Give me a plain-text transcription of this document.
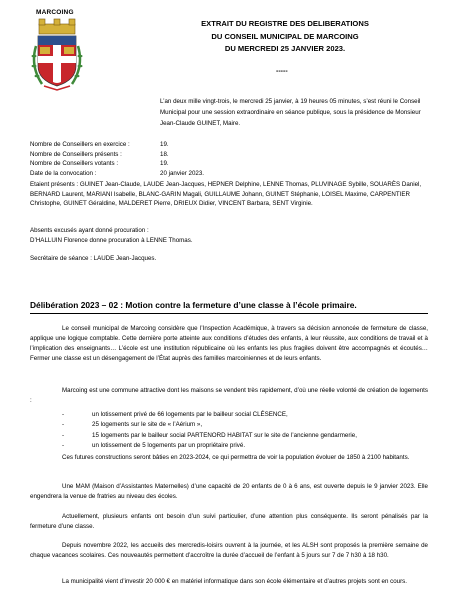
MARCOING
EXTRAIT DU REGISTRE DES DELIBERATIONS
DU CONSEIL MUNICIPAL DE MARCOING
DU MERCREDI 25 JANVIER 2023.
-----

L’an deux mille vingt-trois, le mercredi 25 janvier, à 19 heures 05 minutes, s’est réuni le Conseil Municipal pour une session extraordinaire en séance publique, sous la présidence de Monsieur Jean-Claude GUINET, Maire.

Nombre de Conseillers en exercice :	19.
Nombre de Conseillers présents :	18.
Nombre de Conseillers votants :	19.
Date de la convocation :	20 janvier 2023.

Etaient présents : GUINET Jean-Claude, LAUDE Jean-Jacques, HEPNER Delphine, LENNE Thomas, PLUVINAGE Sybille, SOUARÈS Daniel, BERNARD Laurent, MARIANI Isabelle, BLANC-GARIN Magali, GUILLAUME Johann, GUINET Stéphanie, LOISEL Maxime, CARPENTIER Christophe, GUINET Géraldine, MALDERET Pierre, DRIEUX Didier, VINCENT Barbara, SENT Virginie.

Absents excusés ayant donné procuration :

D’HALLUIN Florence donne procuration à LENNE Thomas.

Secrétaire de séance : LAUDE Jean-Jacques.

Délibération 2023 – 02 : Motion contre la fermeture d’une classe à l’école primaire.

Le conseil municipal de Marcoing considère que l’Inspection Académique, à travers sa décision annoncée de fermeture de classe, applique une logique comptable. Cette dernière porte atteinte aux conditions d’études des enfants, à leur réussite, aux conditions de travail et à l’implication des enseignants… L’école est une institution républicaine où les enfants les plus fragiles doivent être accompagnés et écoutés… Fermer une classe est un désengagement de l’État auprès des familles marcoiniennes et de leurs enfants.

Marcoing est une commune attractive dont les maisons se vendent très rapidement, d’où une réelle volonté de création de logements :

-	un lotissement privé de 66 logements par le bailleur social CLÉSENCE,
-	25 logements sur le site de « l’Aérium »,
-	15 logements par le bailleur social PARTENORD HABITAT sur le site de l’ancienne gendarmerie,
-	un lotissement de 5 logements par un propriétaire privé.

Ces futures constructions seront bâties en 2023-2024, ce qui permettra de voir la population évoluer de 1850 à 2100 habitants.

Une MAM (Maison d’Assistantes Maternelles) d’une capacité de 20 enfants de 0 à 6 ans, est ouverte depuis le 9 janvier 2023. Elle engendrera la venue de fratries au niveau des écoles.

Actuellement, plusieurs enfants ont besoin d’un suivi particulier, d’une attention plus conséquente. Ils seront pénalisés par la fermeture d’une classe.

Depuis novembre 2022, les accueils des mercredis-loisirs ouvrent à la journée, et les ALSH sont proposés la première semaine de chaque vacances scolaires. Ces nouveautés permettent d’accroître la durée d’accueil de l’enfant à 5 jours sur 7 de 7 h30 à 18 h30.

La municipalité vient d’investir 20 000 € en matériel informatique dans son école élémentaire et d’autres projets sont en cours.
